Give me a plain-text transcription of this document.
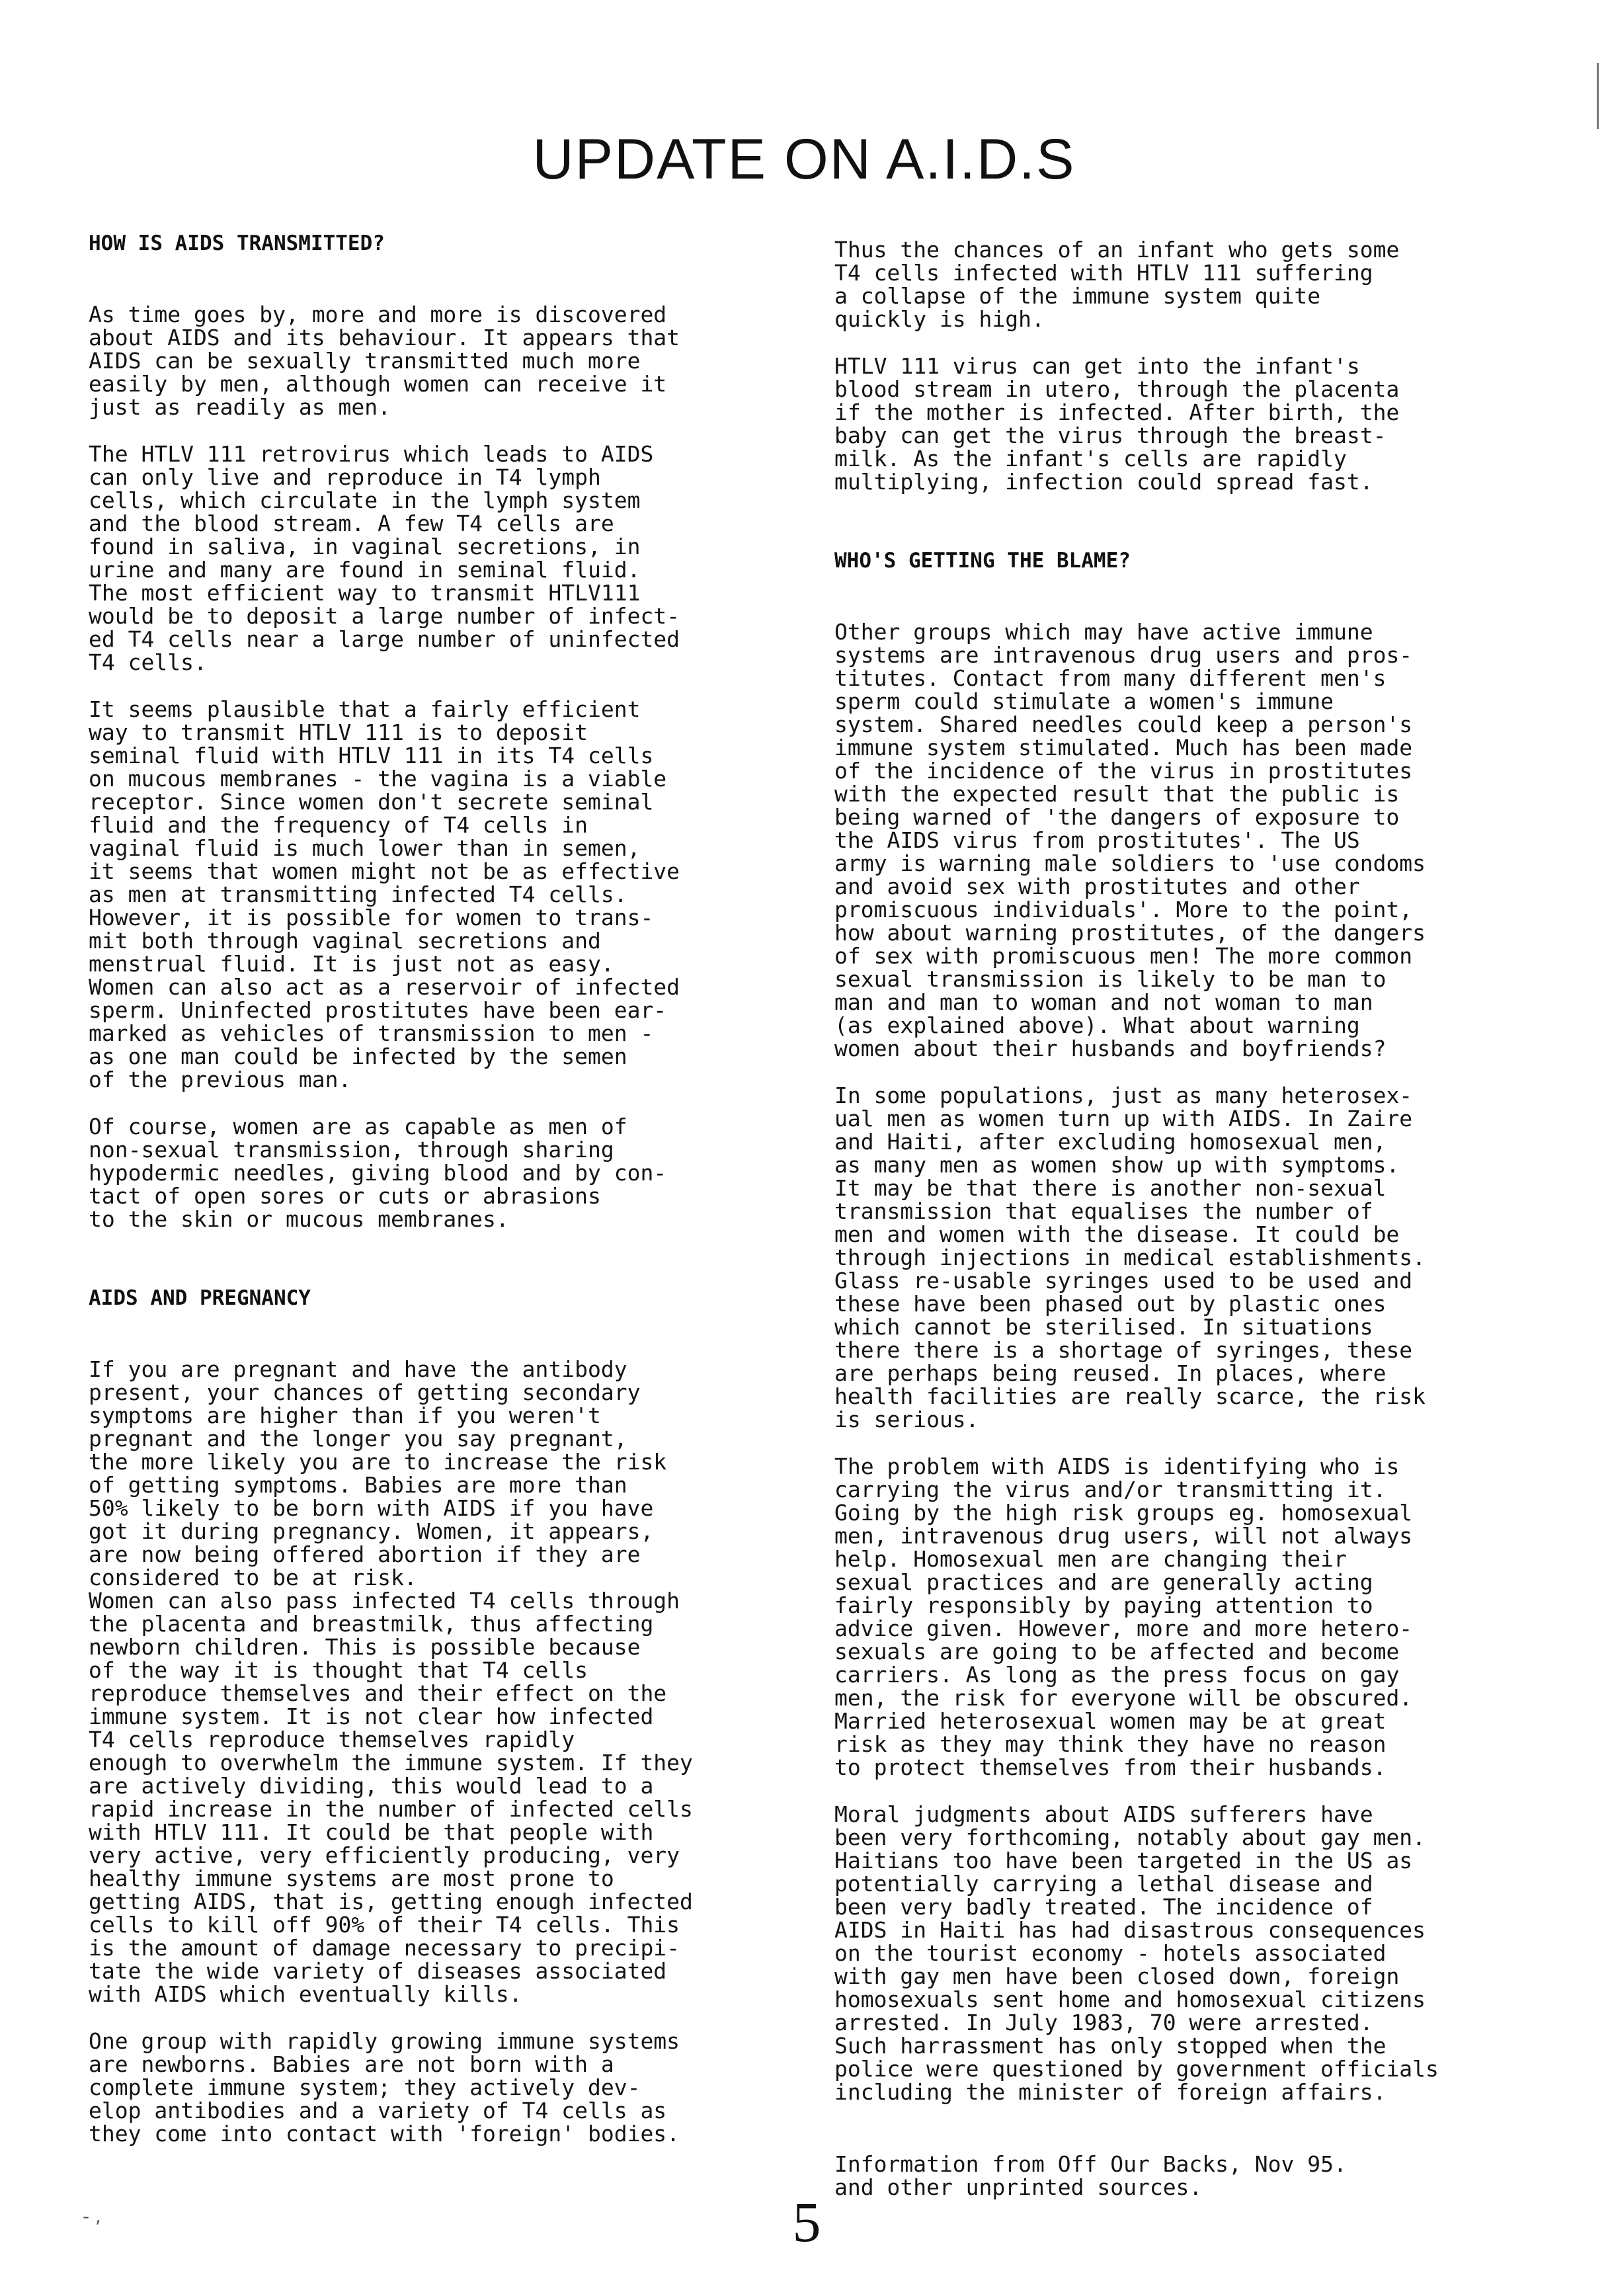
UPDATE ON A.I.D.S
HOW IS AIDS TRANSMITTED?
As time goes by, more and more is discovered
about AIDS and its behaviour. It appears that
AIDS can be sexually transmitted much more
easily by men, although women can receive it
just as readily as men.
The HTLV 111 retrovirus which leads to AIDS
can only live and reproduce in T4 lymph
cells, which circulate in the lymph system
and the blood stream. A few T4 cells are
found in saliva, in vaginal secretions, in
urine and many are found in seminal fluid.
The most efficient way to transmit HTLV111
would be to deposit a large number of infect-
ed T4 cells near a large number of uninfected
T4 cells.
It seems plausible that a fairly efficient
way to transmit HTLV 111 is to deposit
seminal fluid with HTLV 111 in its T4 cells
on mucous membranes - the vagina is a viable
receptor. Since women don't secrete seminal
fluid and the frequency of T4 cells in
vaginal fluid is much lower than in semen,
it seems that women might not be as effective
as men at transmitting infected T4 cells.
However, it is possible for women to trans-
mit both through vaginal secretions and
menstrual fluid. It is just not as easy.
Women can also act as a reservoir of infected
sperm. Uninfected prostitutes have been ear-
marked as vehicles of transmission to men -
as one man could be infected by the semen
of the previous man.
Of course, women are as capable as men of
non-sexual transmission, through sharing
hypodermic needles, giving blood and by con-
tact of open sores or cuts or abrasions
to the skin or mucous membranes.
AIDS AND PREGNANCY
If you are pregnant and have the antibody
present, your chances of getting secondary
symptoms are higher than if you weren't
pregnant and the longer you say pregnant,
the more likely you are to increase the risk
of getting symptoms. Babies are more than
50% likely to be born with AIDS if you have
got it during pregnancy. Women, it appears,
are now being offered abortion if they are
considered to be at risk.
Women can also pass infected T4 cells through
the placenta and breastmilk, thus affecting
newborn children. This is possible because
of the way it is thought that T4 cells
reproduce themselves and their effect on the
immune system. It is not clear how infected
T4 cells reproduce themselves rapidly
enough to overwhelm the immune system. If they
are actively dividing, this would lead to a
rapid increase in the number of infected cells
with HTLV 111. It could be that people with
very active, very efficiently producing, very
healthy immune systems are most prone to
getting AIDS, that is, getting enough infected
cells to kill off 90% of their T4 cells. This
is the amount of damage necessary to precipi-
tate the wide variety of diseases associated
with AIDS which eventually kills.
One group with rapidly growing immune systems
are newborns. Babies are not born with a
complete immune system; they actively dev-
elop antibodies and a variety of T4 cells as
they come into contact with 'foreign' bodies.
Thus the chances of an infant who gets some
T4 cells infected with HTLV 111 suffering
a collapse of the immune system quite
quickly is high.
HTLV 111 virus can get into the infant's
blood stream in utero, through the placenta
if the mother is infected. After birth, the
baby can get the virus through the breast-
milk. As the infant's cells are rapidly
multiplying, infection could spread fast.
WHO'S GETTING THE BLAME?
Other groups which may have active immune
systems are intravenous drug users and pros-
titutes. Contact from many different men's
sperm could stimulate a women's immune
system. Shared needles could keep a person's
immune system stimulated. Much has been made
of the incidence of the virus in prostitutes
with the expected result that the public is
being warned of 'the dangers of exposure to
the AIDS virus from prostitutes'. The US
army is warning male soldiers to 'use condoms
and avoid sex with prostitutes and other
promiscuous individuals'. More to the point,
how about warning prostitutes, of the dangers
of sex with promiscuous men! The more common
sexual transmission is likely to be man to
man and man to woman and not woman to man
(as explained above). What about warning
women about their husbands and boyfriends?
In some populations, just as many heterosex-
ual men as women turn up with AIDS. In Zaire
and Haiti, after excluding homosexual men,
as many men as women show up with symptoms.
It may be that there is another non-sexual
transmission that equalises the number of
men and women with the disease. It could be
through injections in medical establishments.
Glass re-usable syringes used to be used and
these have been phased out by plastic ones
which cannot be sterilised. In situations
there there is a shortage of syringes, these
are perhaps being reused. In places, where
health facilities are really scarce, the risk
is serious.
The problem with AIDS is identifying who is
carrying the virus and/or transmitting it.
Going by the high risk groups eg. homosexual
men, intravenous drug users, will not always
help. Homosexual men are changing their
sexual practices and are generally acting
fairly responsibly by paying attention to
advice given. However, more and more hetero-
sexuals are going to be affected and become
carriers. As long as the press focus on gay
men, the risk for everyone will be obscured.
Married heterosexual women may be at great
risk as they may think they have no reason
to protect themselves from their husbands.
Moral judgments about AIDS sufferers have
been very forthcoming, notably about gay men.
Haitians too have been targeted in the US as
potentially carrying a lethal disease and
been very badly treated. The incidence of
AIDS in Haiti has had disastrous consequences
on the tourist economy - hotels associated
with gay men have been closed down, foreign
homosexuals sent home and homosexual citizens
arrested. In July 1983, 70 were arrested.
Such harrassment has only stopped when the
police were questioned by government officials
including the minister of foreign affairs.
Information from Off Our Backs, Nov 95.
and other unprinted sources.
5
- ,
